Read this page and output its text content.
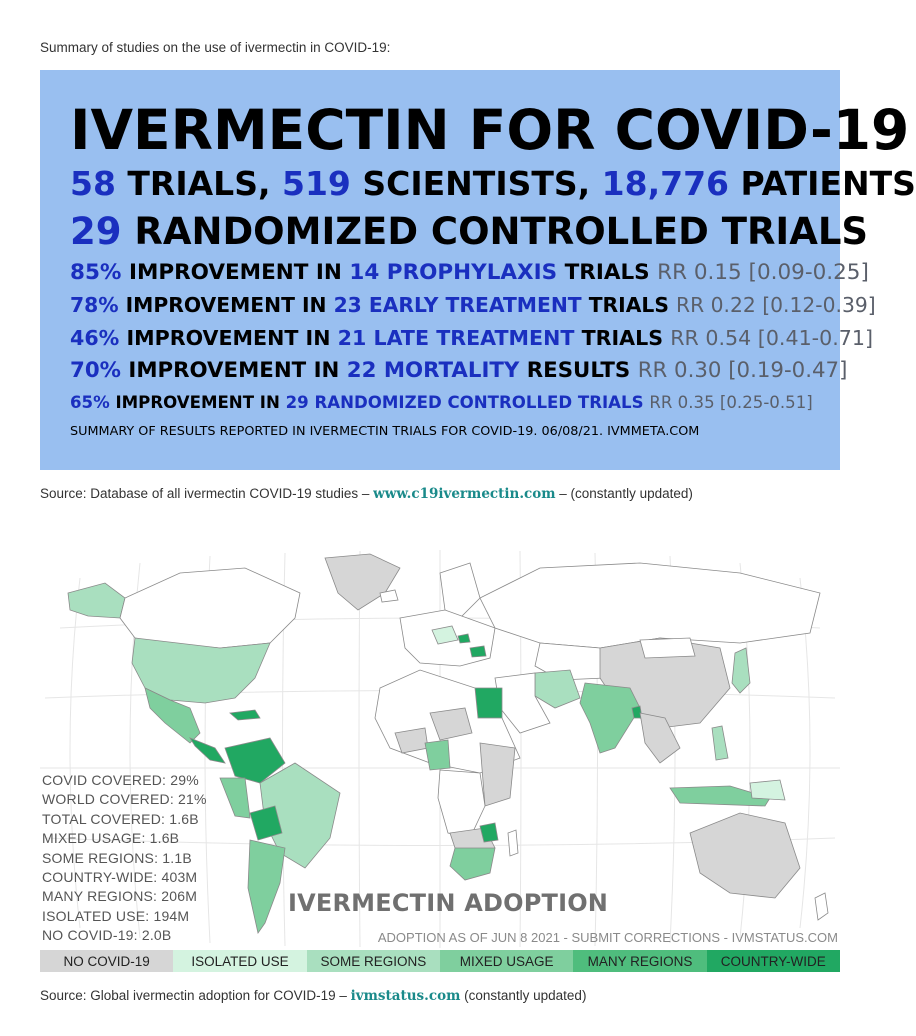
Summary of studies on the use of ivermectin in COVID-19:
IVERMECTIN FOR COVID-19
58 TRIALS, 519 SCIENTISTS, 18,776 PATIENTS
29 RANDOMIZED CONTROLLED TRIALS
85% IMPROVEMENT IN 14 PROPHYLAXIS TRIALS RR 0.15 [0.09-0.25]
78% IMPROVEMENT IN 23 EARLY TREATMENT TRIALS RR 0.22 [0.12-0.39]
46% IMPROVEMENT IN 21 LATE TREATMENT TRIALS RR 0.54 [0.41-0.71]
70% IMPROVEMENT IN 22 MORTALITY RESULTS RR 0.30 [0.19-0.47]
65% IMPROVEMENT IN 29 RANDOMIZED CONTROLLED TRIALS RR 0.35 [0.25-0.51]
SUMMARY OF RESULTS REPORTED IN IVERMECTIN TRIALS FOR COVID-19. 06/08/21. IVMMETA.COM
Source: Database of all ivermectin COVID-19 studies – www.c19ivermectin.com – (constantly updated)
COVID COVERED: 29%
WORLD COVERED: 21%
TOTAL COVERED: 1.6B
MIXED USAGE: 1.6B
SOME REGIONS: 1.1B
COUNTRY-WIDE: 403M
MANY REGIONS: 206M
ISOLATED USE: 194M
NO COVID-19: 2.0B
IVERMECTIN ADOPTION
ADOPTION AS OF JUN 8 2021 - SUBMIT CORRECTIONS - IVMSTATUS.COM
NO COVID-19	ISOLATED USE	SOME REGIONS	MIXED USAGE	MANY REGIONS	COUNTRY-WIDE
Source: Global ivermectin adoption for COVID-19 – ivmstatus.com (constantly updated)
